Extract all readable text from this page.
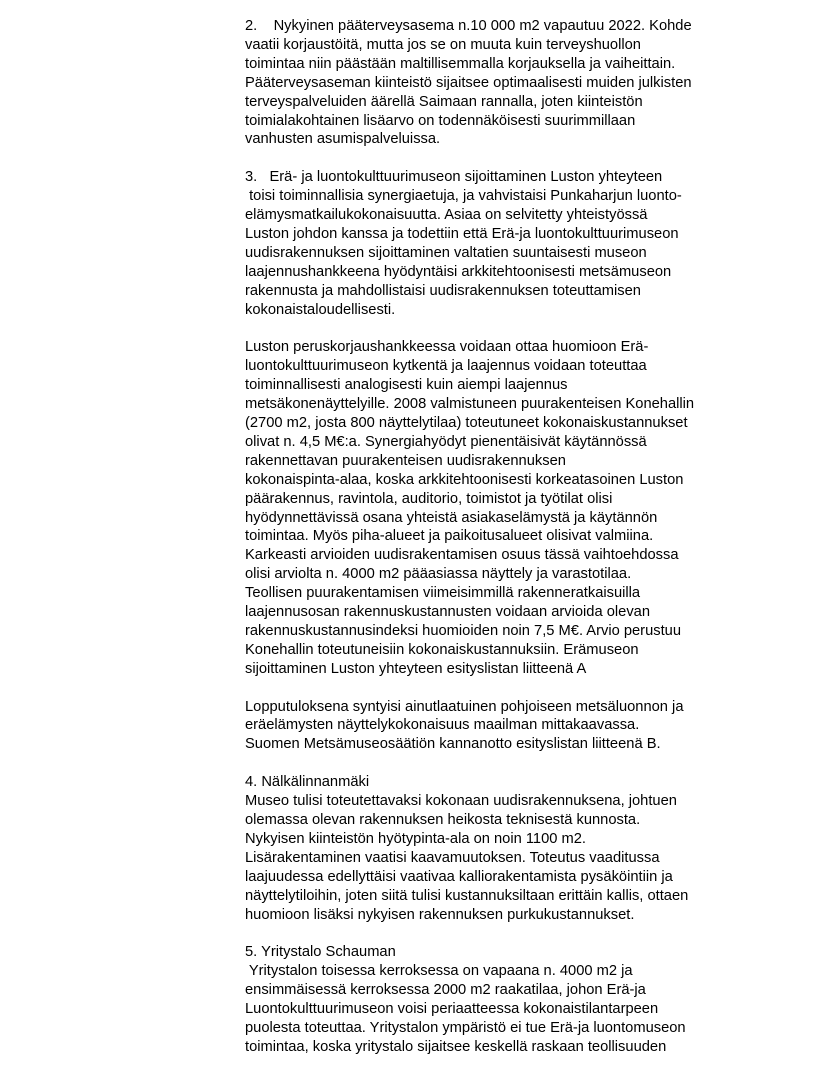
2.    Nykyinen pääterveysasema n.10 000 m2 vapautuu 2022. Kohde
vaatii korjaustöitä, mutta jos se on muuta kuin terveyshuollon
toimintaa niin päästään maltillisemmalla korjauksella ja vaiheittain.
Pääterveysaseman kiinteistö sijaitsee optimaalisesti muiden julkisten
terveyspalveluiden äärellä Saimaan rannalla, joten kiinteistön
toimialakohtainen lisäarvo on todennäköisesti suurimmillaan
vanhusten asumispalveluissa.
3.   Erä- ja luontokulttuurimuseon sijoittaminen Luston yhteyteen
toisi toiminnallisia synergiaetuja, ja vahvistaisi Punkaharjun luonto-
elämysmatkailukokonaisuutta. Asiaa on selvitetty yhteistyössä
Luston johdon kanssa ja todettiin että Erä-ja luontokulttuurimuseon
uudisrakennuksen sijoittaminen valtatien suuntaisesti museon
laajennushankkeena hyödyntäisi arkkitehtoonisesti metsämuseon
rakennusta ja mahdollistaisi uudisrakennuksen toteuttamisen
kokonaistaloudellisesti.
Luston peruskorjaushankkeessa voidaan ottaa huomioon Erä-
luontokulttuurimuseon kytkentä ja laajennus voidaan toteuttaa
toiminnallisesti analogisesti kuin aiempi laajennus
metsäkonenäyttelyille. 2008 valmistuneen puurakenteisen Konehallin
(2700 m2, josta 800 näyttelytilaa) toteutuneet kokonaiskustannukset
olivat n. 4,5 M€:a. Synergiahyödyt pienentäisivät käytännössä
rakennettavan puurakenteisen uudisrakennuksen
kokonaispinta-alaa, koska arkkitehtoonisesti korkeatasoinen Luston
päärakennus, ravintola, auditorio, toimistot ja työtilat olisi
hyödynnettävissä osana yhteistä asiakaselämystä ja käytännön
toimintaa. Myös piha-alueet ja paikoitusalueet olisivat valmiina.
Karkeasti arvioiden uudisrakentamisen osuus tässä vaihtoehdossa
olisi arviolta n. 4000 m2 pääasiassa näyttely ja varastotilaa.
Teollisen puurakentamisen viimeisimmillä rakenneratkaisuilla
laajennusosan rakennuskustannusten voidaan arvioida olevan
rakennuskustannusindeksi huomioiden noin 7,5 M€. Arvio perustuu
Konehallin toteutuneisiin kokonaiskustannuksiin. Erämuseon
sijoittaminen Luston yhteyteen esityslistan liitteenä A
Lopputuloksena syntyisi ainutlaatuinen pohjoiseen metsäluonnon ja
eräelämysten näyttelykokonaisuus maailman mittakaavassa.
Suomen Metsämuseosäätiön kannanotto esityslistan liitteenä B.
4. Nälkälinnanmäki
Museo tulisi toteutettavaksi kokonaan uudisrakennuksena, johtuen
olemassa olevan rakennuksen heikosta teknisestä kunnosta.
Nykyisen kiinteistön hyötypinta-ala on noin 1100 m2.
Lisärakentaminen vaatisi kaavamuutoksen. Toteutus vaaditussa
laajuudessa edellyttäisi vaativaa kalliorakentamista pysäköintiin ja
näyttelytiloihin, joten siitä tulisi kustannuksiltaan erittäin kallis, ottaen
huomioon lisäksi nykyisen rakennuksen purkukustannukset.
5. Yritystalo Schauman
Yritystalon toisessa kerroksessa on vapaana n. 4000 m2 ja
ensimmäisessä kerroksessa 2000 m2 raakatilaa, johon Erä-ja
Luontokulttuurimuseon voisi periaatteessa kokonaistilantarpeen
puolesta toteuttaa. Yritystalon ympäristö ei tue Erä-ja luontomuseon
toimintaa, koska yritystalo sijaitsee keskellä raskaan teollisuuden
